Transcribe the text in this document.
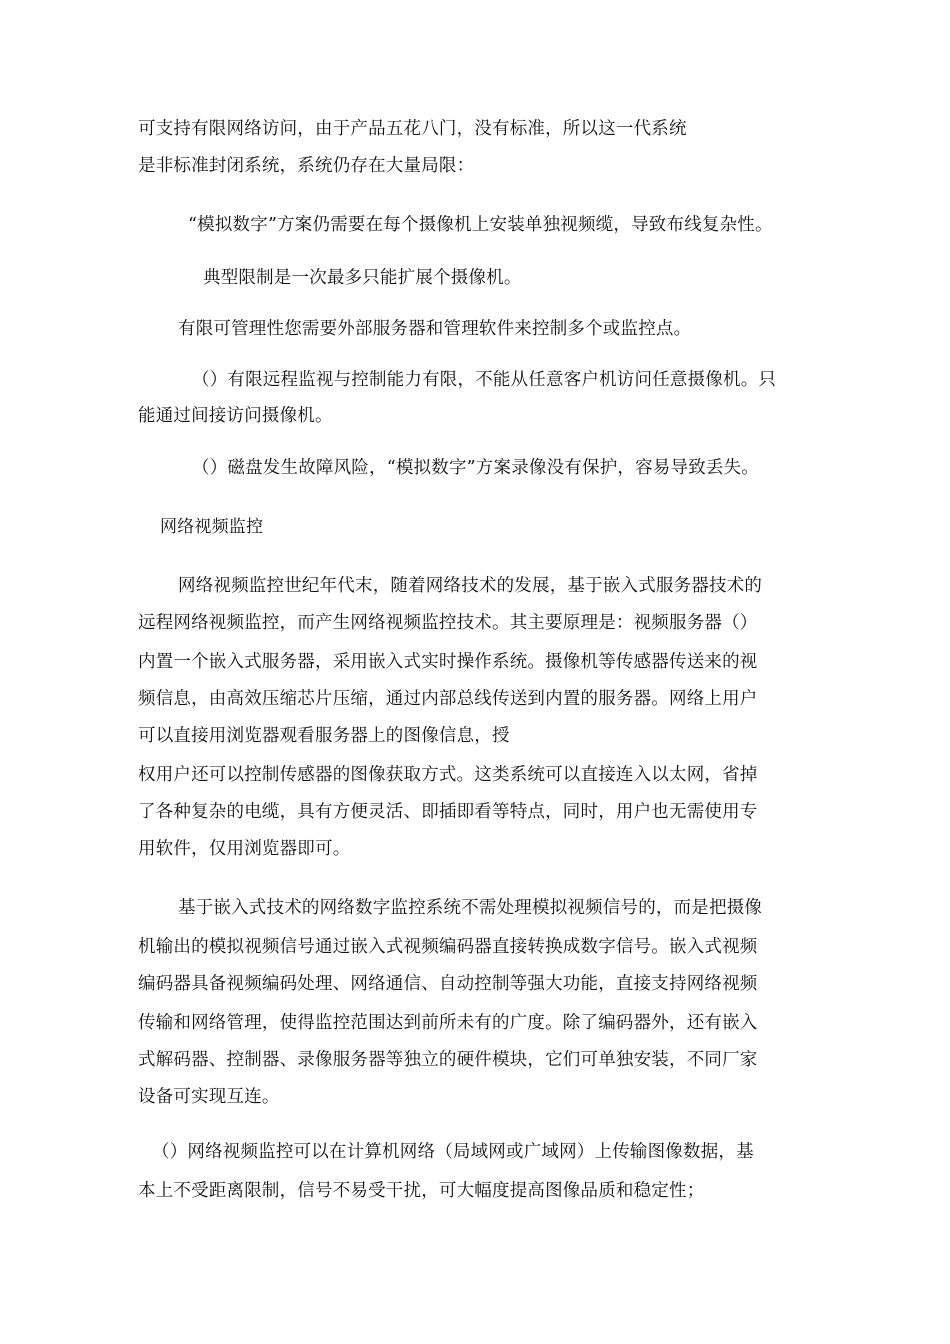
可支持有限网络访问，由于产品五花八门，没有标准，所以这一代系统
是非标准封闭系统，系统仍存在大量局限：
“模拟数字”方案仍需要在每个摄像机上安装单独视频缆，导致布线复杂性。
典型限制是一次最多只能扩展个摄像机。
有限可管理性您需要外部服务器和管理软件来控制多个或监控点。
（）有限远程监视与控制能力有限，不能从任意客户机访问任意摄像机。只
能通过间接访问摄像机。
（）磁盘发生故障风险，“模拟数字”方案录像没有保护，容易导致丢失。
网络视频监控
网络视频监控世纪年代末，随着网络技术的发展，基于嵌入式服务器技术的
远程网络视频监控，而产生网络视频监控技术。其主要原理是：视频服务器（）
内置一个嵌入式服务器，采用嵌入式实时操作系统。摄像机等传感器传送来的视
频信息，由高效压缩芯片压缩，通过内部总线传送到内置的服务器。网络上用户
可以直接用浏览器观看服务器上的图像信息，授
权用户还可以控制传感器的图像获取方式。这类系统可以直接连入以太网，省掉
了各种复杂的电缆，具有方便灵活、即插即看等特点，同时，用户也无需使用专
用软件，仅用浏览器即可。
基于嵌入式技术的网络数字监控系统不需处理模拟视频信号的，而是把摄像
机输出的模拟视频信号通过嵌入式视频编码器直接转换成数字信号。嵌入式视频
编码器具备视频编码处理、网络通信、自动控制等强大功能，直接支持网络视频
传输和网络管理，使得监控范围达到前所未有的广度。除了编码器外，还有嵌入
式解码器、控制器、录像服务器等独立的硬件模块，它们可单独安装，不同厂家
设备可实现互连。
（）网络视频监控可以在计算机网络（局域网或广域网）上传输图像数据，基
本上不受距离限制，信号不易受干扰，可大幅度提高图像品质和稳定性；
